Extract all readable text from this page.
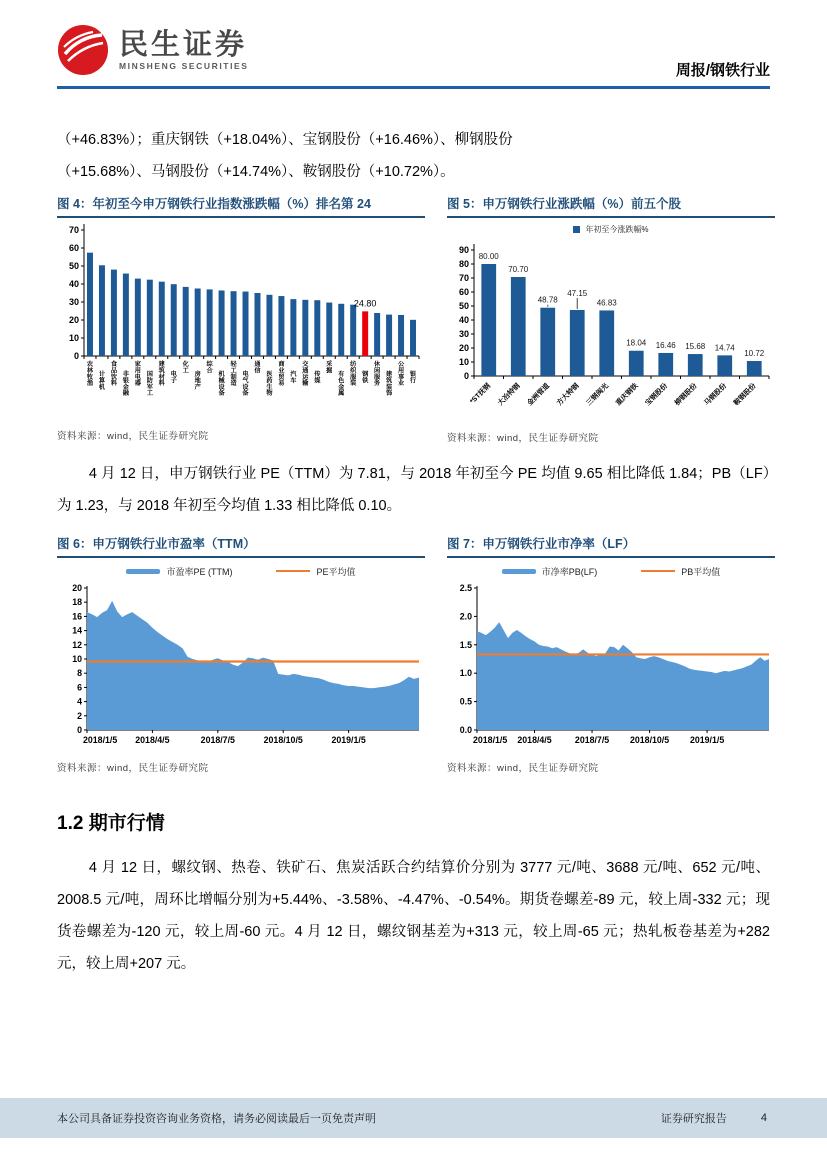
民生证券
MINSHENG SECURITIES	周报/钢铁行业
（+46.83%）；重庆钢铁（+18.04%）、宝钢股份（+16.46%）、柳钢股份
（+15.68%）、马钢股份（+14.74%）、鞍钢股份（+10.72%）。
图 4：年初至今申万钢铁行业指数涨跌幅（%）排名第 24
0
10
20
30
40
50
60
70
农林牧渔
计算机
食品饮料
非银金融
家用电器
国防军工
建筑材料
电子
化工
房地产
综合
机械设备
轻工制造
电气设备
通信
医药生物
商业贸易
汽车
交通运输
传媒
采掘
有色金属
纺织服装
24.80
钢铁
休闲服务
建筑装饰
公用事业
银行
资料来源：wind，民生证券研究院
图 5：申万钢铁行业涨跌幅（%）前五个股
年初至今涨跌幅%
0
10
20
30
40
50
60
70
80
90
80.00
*ST抚钢
70.70
大冶特钢
48.78
金洲管道
47.15
方大特钢
46.83
三钢闽光
18.04
重庆钢铁
16.46
宝钢股份
15.68
柳钢股份
14.74
马钢股份
10.72
鞍钢股份
资料来源：wind，民生证券研究院
4 月 12 日，申万钢铁行业 PE（TTM）为 7.81，与 2018 年初至今 PE 均值 9.65 相比降低 1.84；PB（LF）为 1.23，与 2018 年初至今均值 1.33 相比降低 0.10。
图 6：申万钢铁行业市盈率（TTM）
市盈率PE (TTM)	PE平均值
0
2
4
6
8
10
12
14
16
18
20
2018/1/5 2018/4/5	2018/7/5	2018/10/5	2019/1/5
资料来源：wind，民生证券研究院
图 7：申万钢铁行业市净率（LF）
市净率PB(LF)	PB平均值
0.0
0.5
1.0
1.5
2.0
2.5
2018/1/5 2018/4/5	2018/7/5 2018/10/5 2019/1/5
资料来源：wind，民生证券研究院
1.2 期市行情
4 月 12 日，螺纹钢、热卷、铁矿石、焦炭活跃合约结算价分别为 3777 元/吨、3688 元/吨、652 元/吨、2008.5 元/吨，周环比增幅分别为+5.44%、-3.58%、-4.47%、-0.54%。期货卷螺差-89 元，较上周-332 元；现货卷螺差为-120 元，较上周-60 元。4 月 12 日，螺纹钢基差为+313 元，较上周-65 元；热轧板卷基差为+282 元，较上周+207 元。
本公司具备证券投资咨询业务资格，请务必阅读最后一页免责声明	证券研究报告	4
